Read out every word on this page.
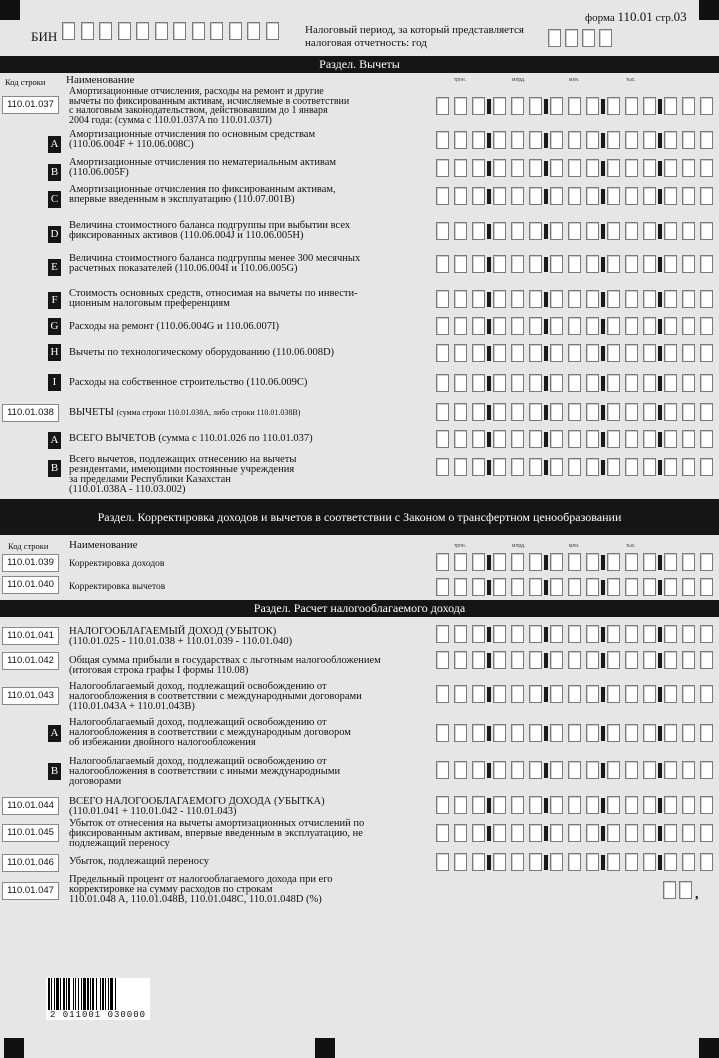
форма 110.01 стр.03
БИН	Налоговый период, за который представляется
налоговая отчетность: год
Раздел. Вычеты
Код строки Наименование	трлн.	млрд.	млн.	тыс.
110.01.037
Амортизационные отчисления, расходы на ремонт и другие
вычеты по фиксированным активам, исчисляемые в соответствии
с налоговым законодательством, действовавшим до 1 января
2004 года: (сумма с 110.01.037A по 110.01.037I)
A
Амортизационные отчисления по основным средствам
(110.06.004F + 110.06.008C)
B
Амортизационные отчисления по нематериальным активам
(110.06.005F)
C
Амортизационные отчисления по фиксированным активам,
впервые введенным в эксплуатацию (110.07.001B)
D
Величина стоимостного баланса подгруппы при выбытии всех
фиксированных активов (110.06.004J и 110.06.005H)
E
Величина стоимостного баланса подгруппы менее 300 месячных
расчетных показателей (110.06.004I и 110.06.005G)
F
Стоимость основных средств, относимая на вычеты по инвести-
ционным налоговым преференциям
G Расходы на ремонт (110.06.004G и 110.06.007I)
H Вычеты по технологическому оборудованию (110.06.008D)
I	Расходы на собственное строительство (110.06.009C)
110.01.038	ВЫЧЕТЫ (сумма строки 110.01.038A, либо строки 110.01.038B)
A ВСЕГО ВЫЧЕТОВ (сумма с 110.01.026 по 110.01.037)
B
Всего вычетов, подлежащих отнесению на вычеты
резидентами, имеющими постоянные учреждения
за пределами Республики Казахстан
(110.01.038A - 110.03.002)
Раздел. Корректировка доходов и вычетов в соответствии с Законом о трансфертном ценообразовании
Код строки Наименование	трлн.	млрд.	млн.	тыс.
110.01.039	Корректировка доходов
110.01.040	Корректировка вычетов
Раздел. Расчет налогооблагаемого дохода
110.01.041	НАЛОГООБЛАГАЕМЫЙ ДОХОД (УБЫТОК)
(110.01.025 - 110.01.038 + 110.01.039 - 110.01.040)
110.01.042	Общая сумма прибыли в государствах с льготным налогообложением
(итоговая строка графы I формы 110.08)
110.01.043
Налогооблагаемый доход, подлежащий освобождению от
налогообложения в соответствии с международными договорами
(110.01.043A + 110.01.043B)
A
Налогооблагаемый доход, подлежащий освобождению от
налогообложения в соответствии с международным договором
об избежании двойного налогообложения
B
Налогооблагаемый доход, подлежащий освобождению от
налогообложения в соответствии с иными международными
договорами
110.01.044	ВСЕГО НАЛОГООБЛАГАЕМОГО ДОХОДА (УБЫТКА)
(110.01.041 + 110.01.042 - 110.01.043)
110.01.045
Убыток от отнесения на вычеты амортизационных отчислений по
фиксированным активам, впервые введенным в эксплуатацию, не
подлежащий переносу
110.01.046	Убыток, подлежащий переносу
110.01.047
Предельный процент от налогооблагаемого дохода при его
корректировке на сумму расходов по строкам
110.01.048 A, 110.01.048B, 110.01.048C, 110.01.048D (%)	,
2 011001 030000
